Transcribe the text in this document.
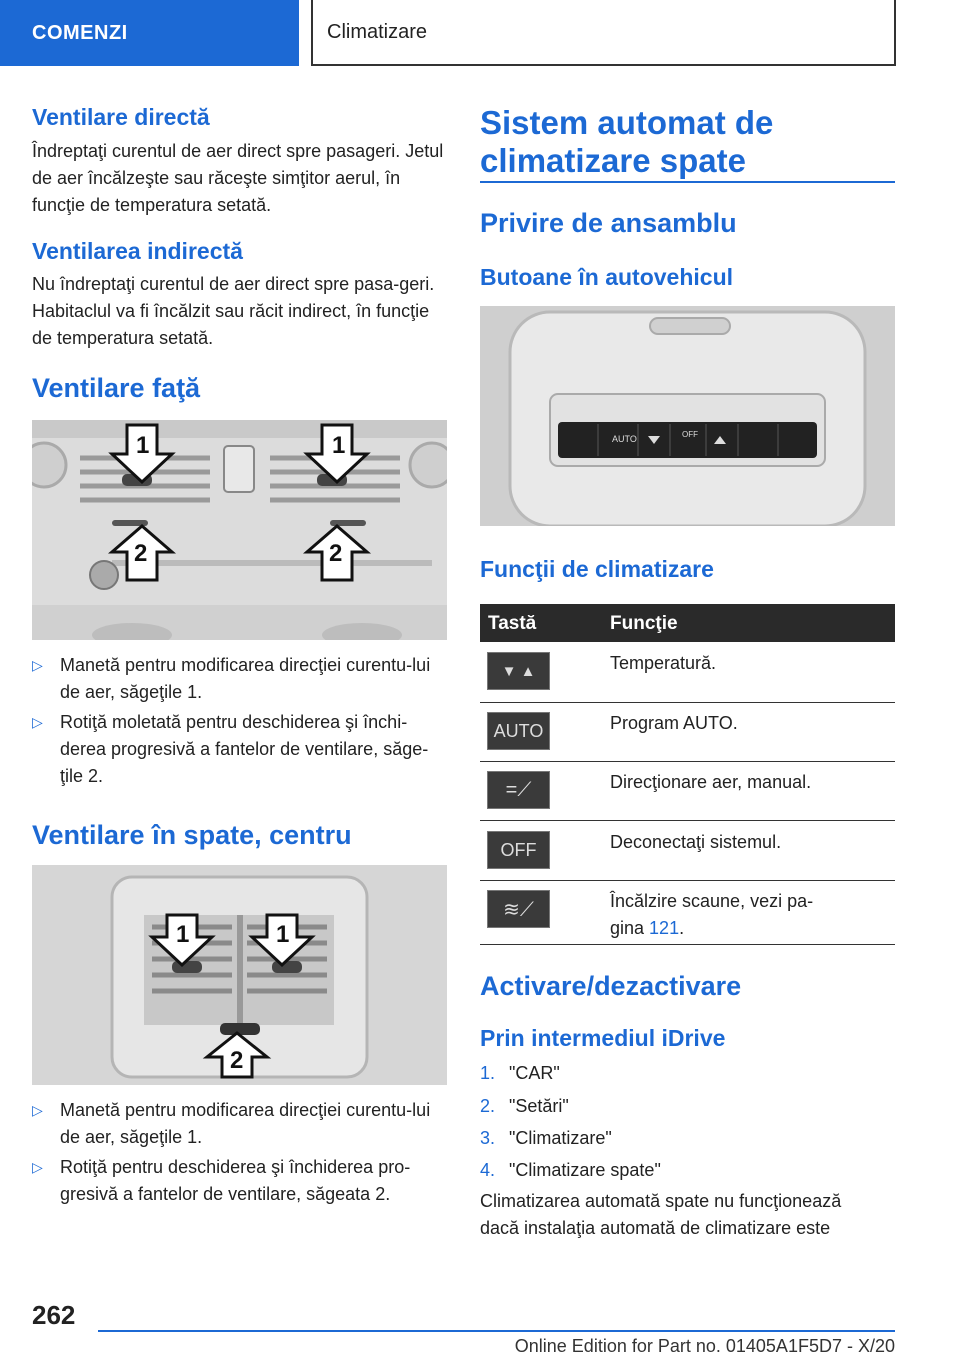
COMENZI	Climatizare
Ventilare directă
Îndreptaţi curentul de aer direct spre pasageri. Jetul de aer încălzeşte sau răceşte simţitor aerul, în funcţie de temperatura setată.
Ventilarea indirectă
Nu îndreptaţi curentul de aer direct spre pasa-geri. Habitaclul va fi încălzit sau răcit indirect, în funcţie de temperatura setată.
Ventilare faţă
1	1
2	2
▷ Manetă pentru modificarea direcţiei curentu-lui de aer, săgeţile 1.
▷ Rotiţă moletată pentru deschiderea şi închi-derea progresivă a fantelor de ventilare, săge-ţile 2.
Ventilare în spate, centru
1	1
2
▷ Manetă pentru modificarea direcţiei curentu-lui de aer, săgeţile 1.
▷ Rotiţă pentru deschiderea şi închiderea pro-gresivă a fantelor de ventilare, săgeata 2.
Sistem automat de climatizare spate
Privire de ansamblu
Butoane în autovehicul
AUTO	OFF
Funcţii de climatizare
Tastă	Funcţie
▼ ▲	Temperatură.
AUTO	Program AUTO.
=⟋	Direcţionare aer, manual.
OFF	Deconectaţi sistemul.
≋⟋	Încălzire scaune, vezi pa-gina 121.
Activare/dezactivare
Prin intermediul iDrive
1. "CAR"
2. "Setări"
3. "Climatizare"
4. "Climatizare spate"
Climatizarea automată spate nu funcţionează dacă instalaţia automată de climatizare este
262
Online Edition for Part no. 01405A1F5D7 - X/20
